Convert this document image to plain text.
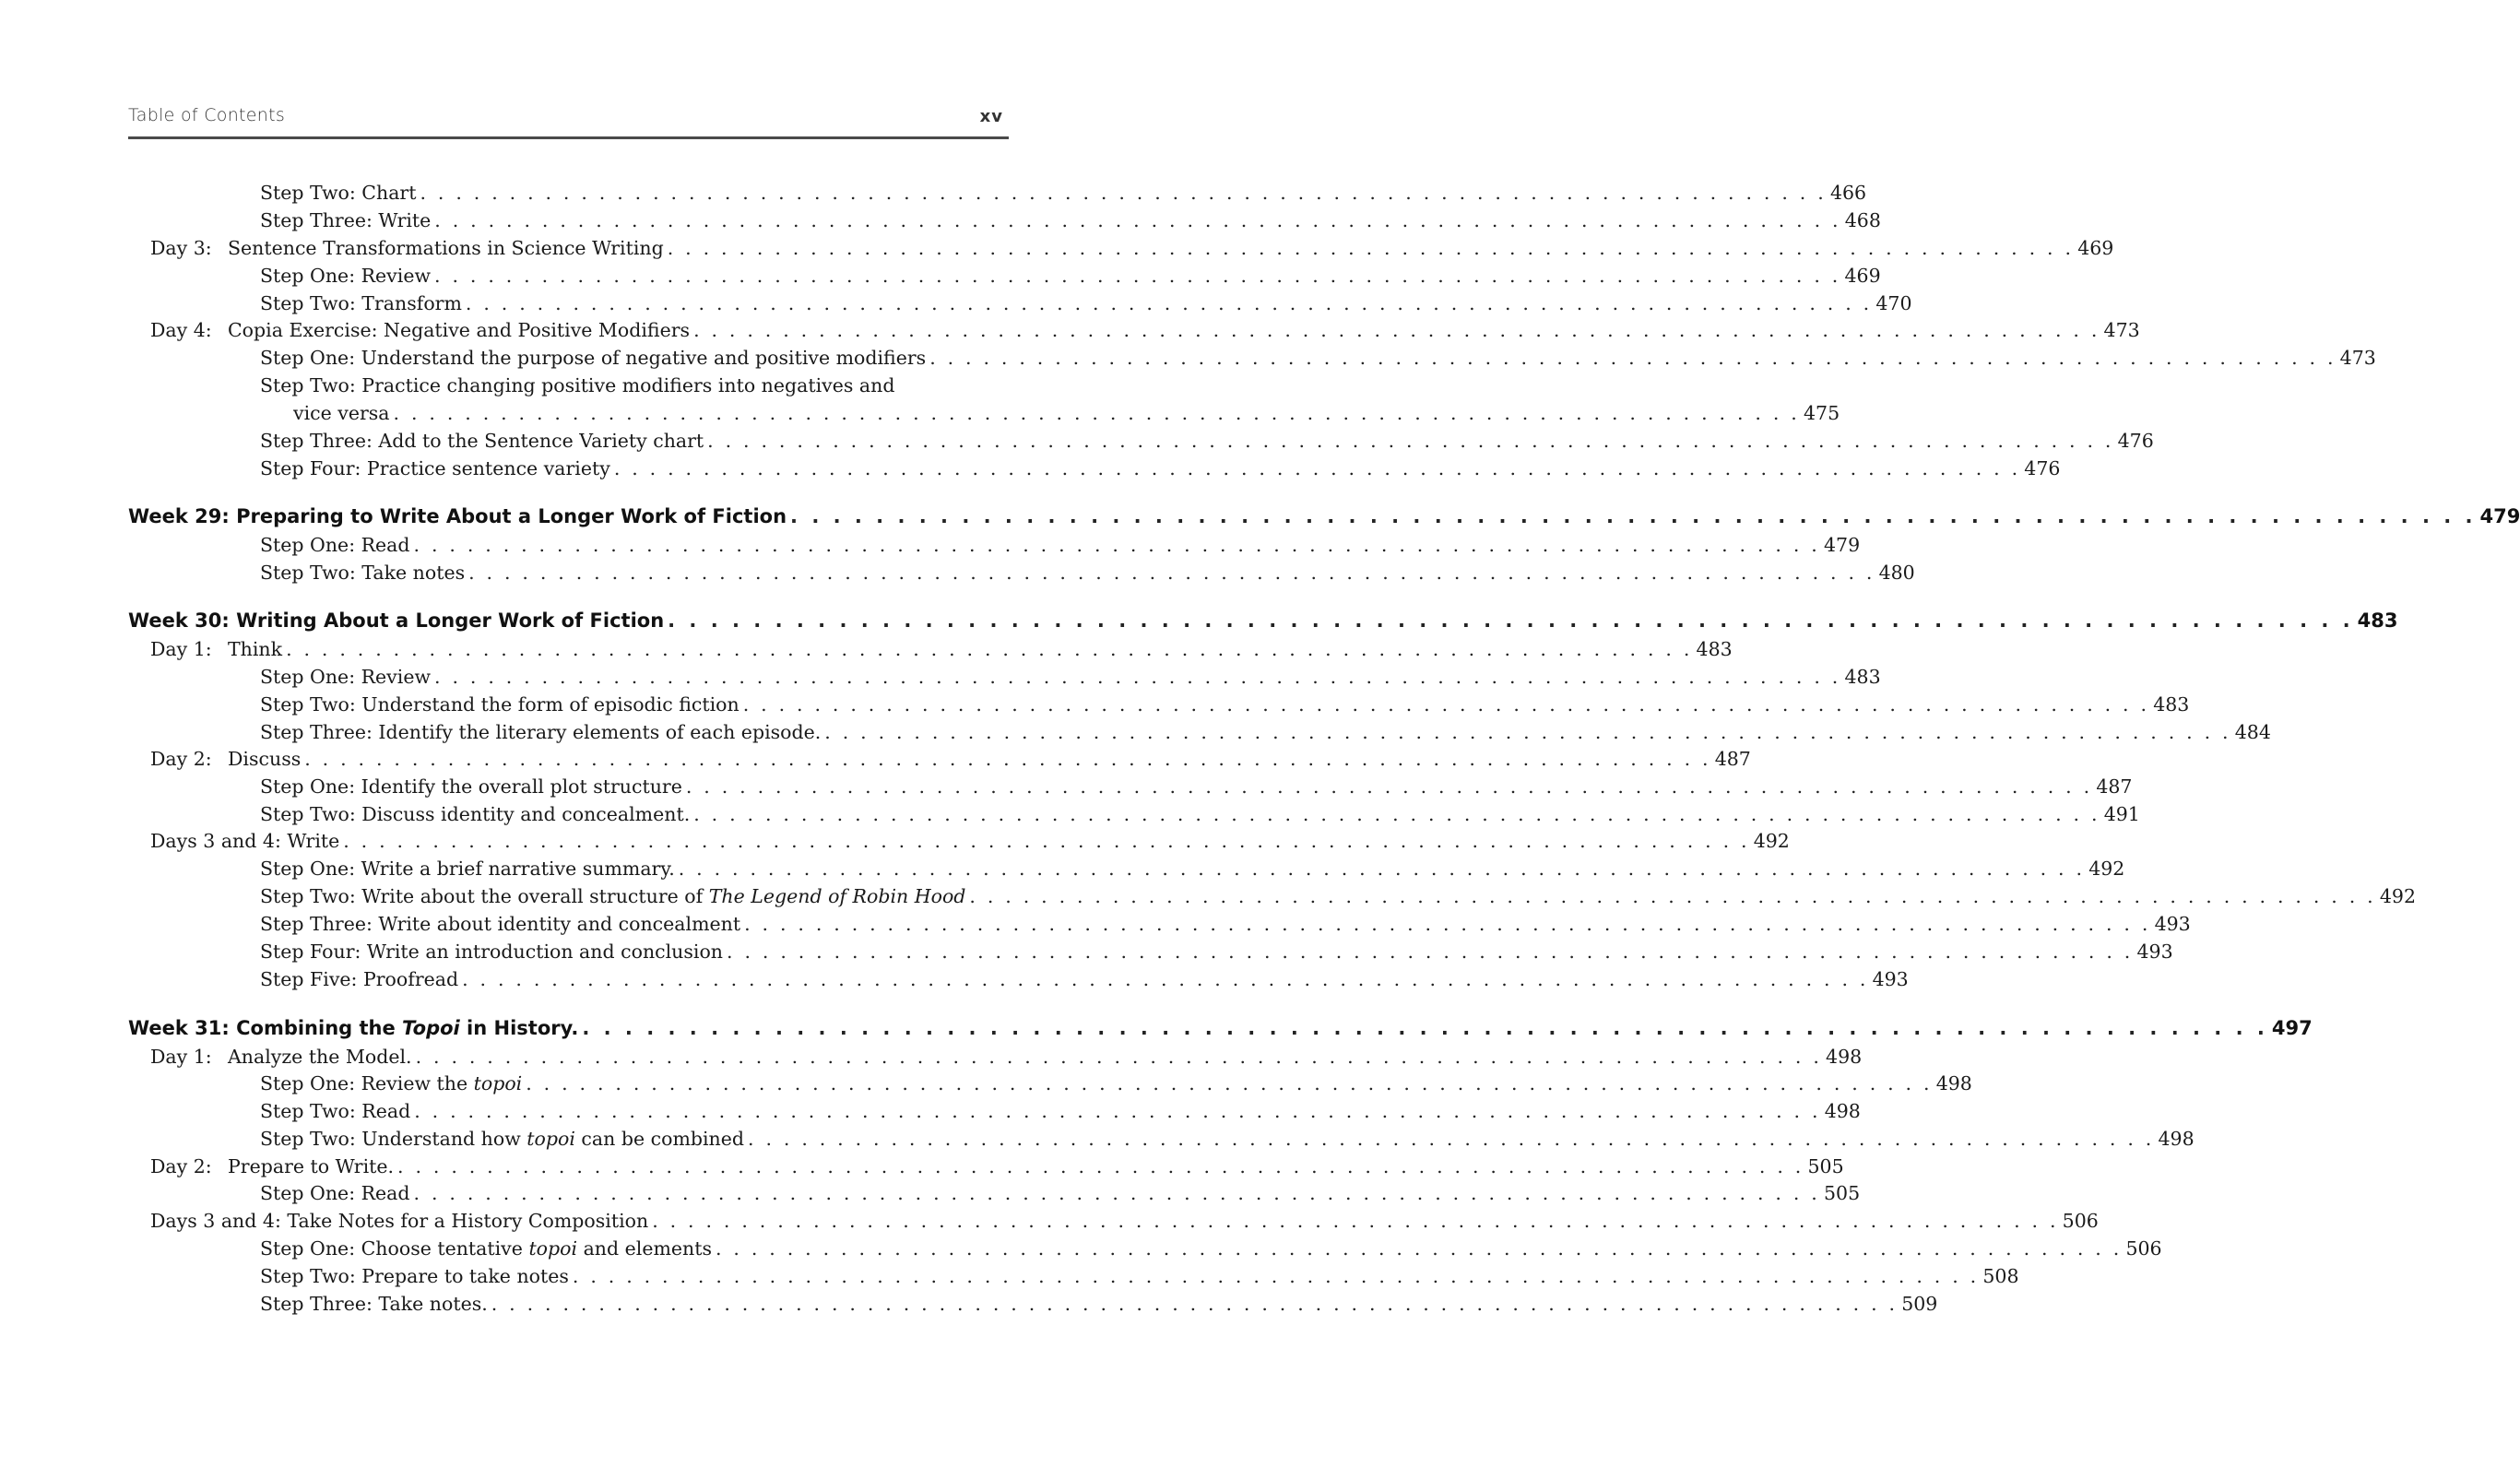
Table of Contents	xv
Step Two: Chart . . . . . . . . . . . . . . . . . . . . . . . . . . . . . . . . . . . . . . . . . . . . . . . . . . . . . . . . . . . . . . . . . . . . . . . . . . . . . . . 466
Step Three: Write . . . . . . . . . . . . . . . . . . . . . . . . . . . . . . . . . . . . . . . . . . . . . . . . . . . . . . . . . . . . . . . . . . . . . . . . . . . . . . . 468
Day 3: Sentence Transformations in Science Writing . . . . . . . . . . . . . . . . . . . . . . . . . . . . . . . . . . . . . . . . . . . . . . . . . . . . . . . . . . . . . . . . . . . . . . . . . . . . . . . 469
Step One: Review . . . . . . . . . . . . . . . . . . . . . . . . . . . . . . . . . . . . . . . . . . . . . . . . . . . . . . . . . . . . . . . . . . . . . . . . . . . . . . . 469
Step Two: Transform . . . . . . . . . . . . . . . . . . . . . . . . . . . . . . . . . . . . . . . . . . . . . . . . . . . . . . . . . . . . . . . . . . . . . . . . . . . . . . . 470
Day 4: Copia Exercise: Negative and Positive Modifiers . . . . . . . . . . . . . . . . . . . . . . . . . . . . . . . . . . . . . . . . . . . . . . . . . . . . . . . . . . . . . . . . . . . . . . . . . . . . . . . 473
Step One: Understand the purpose of negative and positive modifiers . . . . . . . . . . . . . . . . . . . . . . . . . . . . . . . . . . . . . . . . . . . . . . . . . . . . . . . . . . . . . . . . . . . . . . . . . . . . . . . 473
Step Two: Practice changing positive modifiers into negatives and
vice versa . . . . . . . . . . . . . . . . . . . . . . . . . . . . . . . . . . . . . . . . . . . . . . . . . . . . . . . . . . . . . . . . . . . . . . . . . . . . . . . 475
Step Three: Add to the Sentence Variety chart . . . . . . . . . . . . . . . . . . . . . . . . . . . . . . . . . . . . . . . . . . . . . . . . . . . . . . . . . . . . . . . . . . . . . . . . . . . . . . . 476
Step Four: Practice sentence variety . . . . . . . . . . . . . . . . . . . . . . . . . . . . . . . . . . . . . . . . . . . . . . . . . . . . . . . . . . . . . . . . . . . . . . . . . . . . . . . 476
Week 29: Preparing to Write About a Longer Work of Fiction . . . . . . . . . . . . . . . . . . . . . . . . . . . . . . . . . . . . . . . . . . . . . . . . . . . . . . . . . . . . . . . . . . . . . . . . . . . . . . . 479
Step One: Read . . . . . . . . . . . . . . . . . . . . . . . . . . . . . . . . . . . . . . . . . . . . . . . . . . . . . . . . . . . . . . . . . . . . . . . . . . . . . . . 479
Step Two: Take notes . . . . . . . . . . . . . . . . . . . . . . . . . . . . . . . . . . . . . . . . . . . . . . . . . . . . . . . . . . . . . . . . . . . . . . . . . . . . . . . 480
Week 30: Writing About a Longer Work of Fiction . . . . . . . . . . . . . . . . . . . . . . . . . . . . . . . . . . . . . . . . . . . . . . . . . . . . . . . . . . . . . . . . . . . . . . . . . . . . . . . 483
Day 1: Think . . . . . . . . . . . . . . . . . . . . . . . . . . . . . . . . . . . . . . . . . . . . . . . . . . . . . . . . . . . . . . . . . . . . . . . . . . . . . . . 483
Step One: Review . . . . . . . . . . . . . . . . . . . . . . . . . . . . . . . . . . . . . . . . . . . . . . . . . . . . . . . . . . . . . . . . . . . . . . . . . . . . . . . 483
Step Two: Understand the form of episodic fiction . . . . . . . . . . . . . . . . . . . . . . . . . . . . . . . . . . . . . . . . . . . . . . . . . . . . . . . . . . . . . . . . . . . . . . . . . . . . . . . 483
Step Three: Identify the literary elements of each episode. . . . . . . . . . . . . . . . . . . . . . . . . . . . . . . . . . . . . . . . . . . . . . . . . . . . . . . . . . . . . . . . . . . . . . . . . . . . . . . . 484
Day 2: Discuss . . . . . . . . . . . . . . . . . . . . . . . . . . . . . . . . . . . . . . . . . . . . . . . . . . . . . . . . . . . . . . . . . . . . . . . . . . . . . . . 487
Step One: Identify the overall plot structure . . . . . . . . . . . . . . . . . . . . . . . . . . . . . . . . . . . . . . . . . . . . . . . . . . . . . . . . . . . . . . . . . . . . . . . . . . . . . . . 487
Step Two: Discuss identity and concealment. . . . . . . . . . . . . . . . . . . . . . . . . . . . . . . . . . . . . . . . . . . . . . . . . . . . . . . . . . . . . . . . . . . . . . . . . . . . . . . . 491
Days 3 and 4: Write . . . . . . . . . . . . . . . . . . . . . . . . . . . . . . . . . . . . . . . . . . . . . . . . . . . . . . . . . . . . . . . . . . . . . . . . . . . . . . . 492
Step One: Write a brief narrative summary. . . . . . . . . . . . . . . . . . . . . . . . . . . . . . . . . . . . . . . . . . . . . . . . . . . . . . . . . . . . . . . . . . . . . . . . . . . . . . . . 492
Step Two: Write about the overall structure of The Legend of Robin Hood . . . . . . . . . . . . . . . . . . . . . . . . . . . . . . . . . . . . . . . . . . . . . . . . . . . . . . . . . . . . . . . . . . . . . . . . . . . . . . . 492
Step Three: Write about identity and concealment . . . . . . . . . . . . . . . . . . . . . . . . . . . . . . . . . . . . . . . . . . . . . . . . . . . . . . . . . . . . . . . . . . . . . . . . . . . . . . . 493
Step Four: Write an introduction and conclusion . . . . . . . . . . . . . . . . . . . . . . . . . . . . . . . . . . . . . . . . . . . . . . . . . . . . . . . . . . . . . . . . . . . . . . . . . . . . . . . 493
Step Five: Proofread . . . . . . . . . . . . . . . . . . . . . . . . . . . . . . . . . . . . . . . . . . . . . . . . . . . . . . . . . . . . . . . . . . . . . . . . . . . . . . . 493
Week 31: Combining the Topoi in History. . . . . . . . . . . . . . . . . . . . . . . . . . . . . . . . . . . . . . . . . . . . . . . . . . . . . . . . . . . . . . . . . . . . . . . . . . . . . . . . 497
Day 1: Analyze the Model. . . . . . . . . . . . . . . . . . . . . . . . . . . . . . . . . . . . . . . . . . . . . . . . . . . . . . . . . . . . . . . . . . . . . . . . . . . . . . . . 498
Step One: Review the topoi . . . . . . . . . . . . . . . . . . . . . . . . . . . . . . . . . . . . . . . . . . . . . . . . . . . . . . . . . . . . . . . . . . . . . . . . . . . . . . . 498
Step Two: Read . . . . . . . . . . . . . . . . . . . . . . . . . . . . . . . . . . . . . . . . . . . . . . . . . . . . . . . . . . . . . . . . . . . . . . . . . . . . . . . 498
Step Two: Understand how topoi can be combined . . . . . . . . . . . . . . . . . . . . . . . . . . . . . . . . . . . . . . . . . . . . . . . . . . . . . . . . . . . . . . . . . . . . . . . . . . . . . . . 498
Day 2: Prepare to Write. . . . . . . . . . . . . . . . . . . . . . . . . . . . . . . . . . . . . . . . . . . . . . . . . . . . . . . . . . . . . . . . . . . . . . . . . . . . . . . . 505
Step One: Read . . . . . . . . . . . . . . . . . . . . . . . . . . . . . . . . . . . . . . . . . . . . . . . . . . . . . . . . . . . . . . . . . . . . . . . . . . . . . . . 505
Days 3 and 4: Take Notes for a History Composition . . . . . . . . . . . . . . . . . . . . . . . . . . . . . . . . . . . . . . . . . . . . . . . . . . . . . . . . . . . . . . . . . . . . . . . . . . . . . . . 506
Step One: Choose tentative topoi and elements . . . . . . . . . . . . . . . . . . . . . . . . . . . . . . . . . . . . . . . . . . . . . . . . . . . . . . . . . . . . . . . . . . . . . . . . . . . . . . . 506
Step Two: Prepare to take notes . . . . . . . . . . . . . . . . . . . . . . . . . . . . . . . . . . . . . . . . . . . . . . . . . . . . . . . . . . . . . . . . . . . . . . . . . . . . . . . 508
Step Three: Take notes. . . . . . . . . . . . . . . . . . . . . . . . . . . . . . . . . . . . . . . . . . . . . . . . . . . . . . . . . . . . . . . . . . . . . . . . . . . . . . . . 509
